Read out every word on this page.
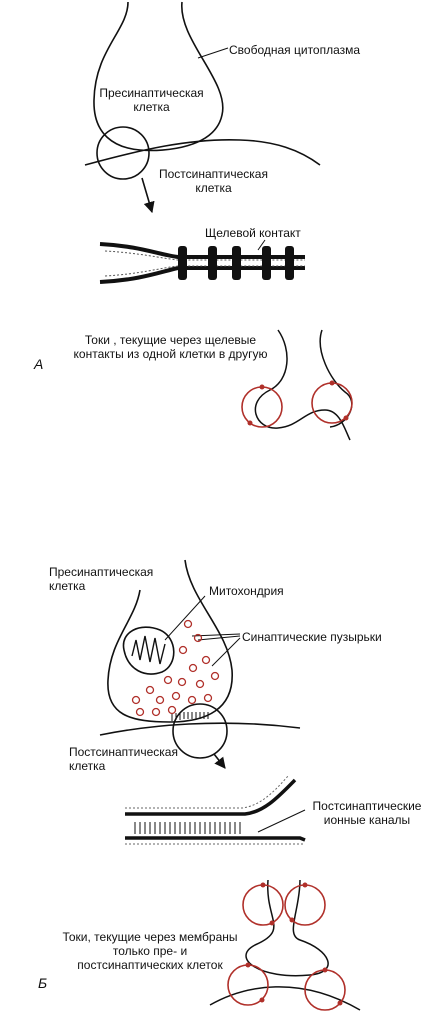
Свободная цитоплазма
Пресинаптическая клетка
Постсинаптическая клетка
Щелевой контакт
А
Токи , текущие через щелевые контакты из одной клетки в другую
Пресинаптическая клетка	Митохондрия
Синаптические пузырьки
Постсинаптическая клетка
Постсинаптические ионные каналы
Токи, текущие через мембраны только пре- и постсинаптических клеток
Б
